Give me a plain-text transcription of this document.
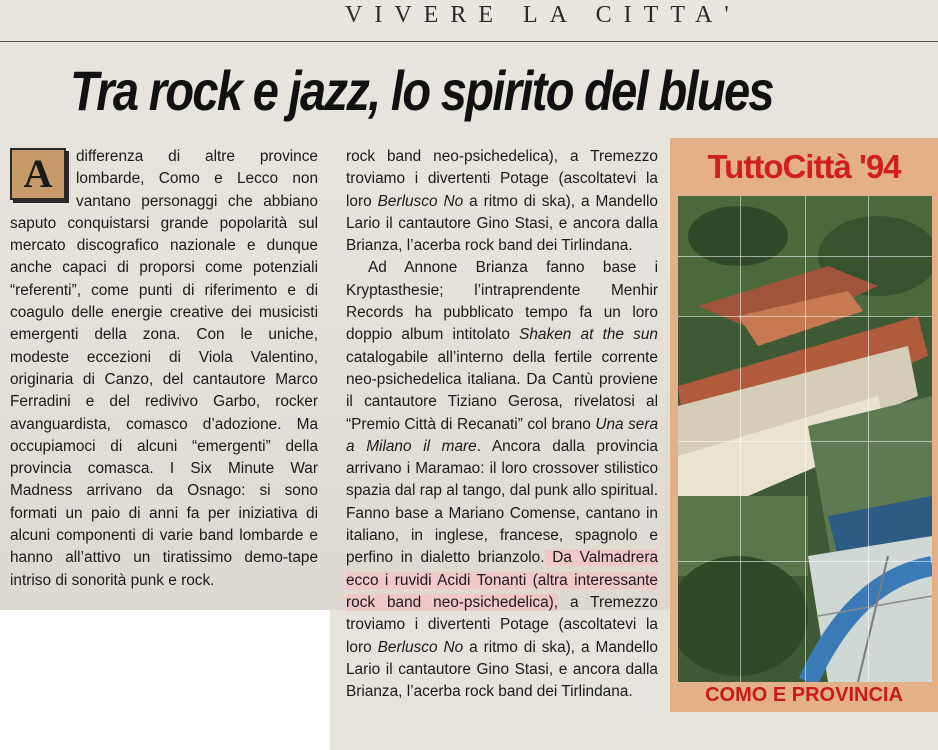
VIVERE LA CITTA'
Tra rock e jazz, lo spirito del blues

A	differenza di altre province lombarde, Como e Lecco non vantano personaggi che abbiano saputo conquistarsi grande popolarità sul mercato discografico nazionale e dunque anche capaci di proporsi come potenziali “referenti”, come punti di riferimento e di coagulo delle energie creative dei musicisti emergenti della zona. Con le uniche, modeste eccezioni di Viola Valentino, originaria di Canzo, del cantautore Marco Ferradini e del redivivo Garbo, rocker avanguardista, comasco d’adozione. Ma occupiamoci di alcuni “emergenti” della provincia comasca. I Six Minute War Madness arrivano da Osnago: si sono formati un paio di anni fa per iniziativa di alcuni componenti di varie band lombarde e hanno all’attivo un tiratissimo demo-tape intriso di sonorità punk e rock.

rock band neo-psichedelica), a Tremezzo troviamo i divertenti Potage (ascoltatevi la loro Berlusco No a ritmo di ska), a Mandello Lario il cantautore Gino Stasi, e ancora dalla Brianza, l’acerba rock band dei Tirlindana.

Ad Annone Brianza fanno base i Kryptasthesie; l’intraprendente Menhir Records ha pubblicato tempo fa un loro doppio album intitolato Shaken at the sun catalogabile all’interno della fertile corrente neo-psichedelica italiana. Da Cantù proviene il cantautore Tiziano Gerosa, rivelatosi al “Premio Città di Recanati” col brano Una sera a Milano il mare. Ancora dalla provincia arrivano i Maramao: il loro crossover stilistico spazia dal rap al tango, dal punk allo spiritual. Fanno base a Mariano Comense, cantano in italiano, in inglese, francese, spagnolo e perfino in dialetto brianzolo. Da Valmadrera ecco i ruvidi Acidi Tonanti (altra interessante rock band neo-psichedelica), a Tremezzo troviamo i divertenti Potage (ascoltatevi la loro Berlusco No a ritmo di ska), a Mandello Lario il cantautore Gino Stasi, e ancora dalla Brianza, l’acerba rock band dei Tirlindana.

TuttoCittà '94
COMO E PROVINCIA
